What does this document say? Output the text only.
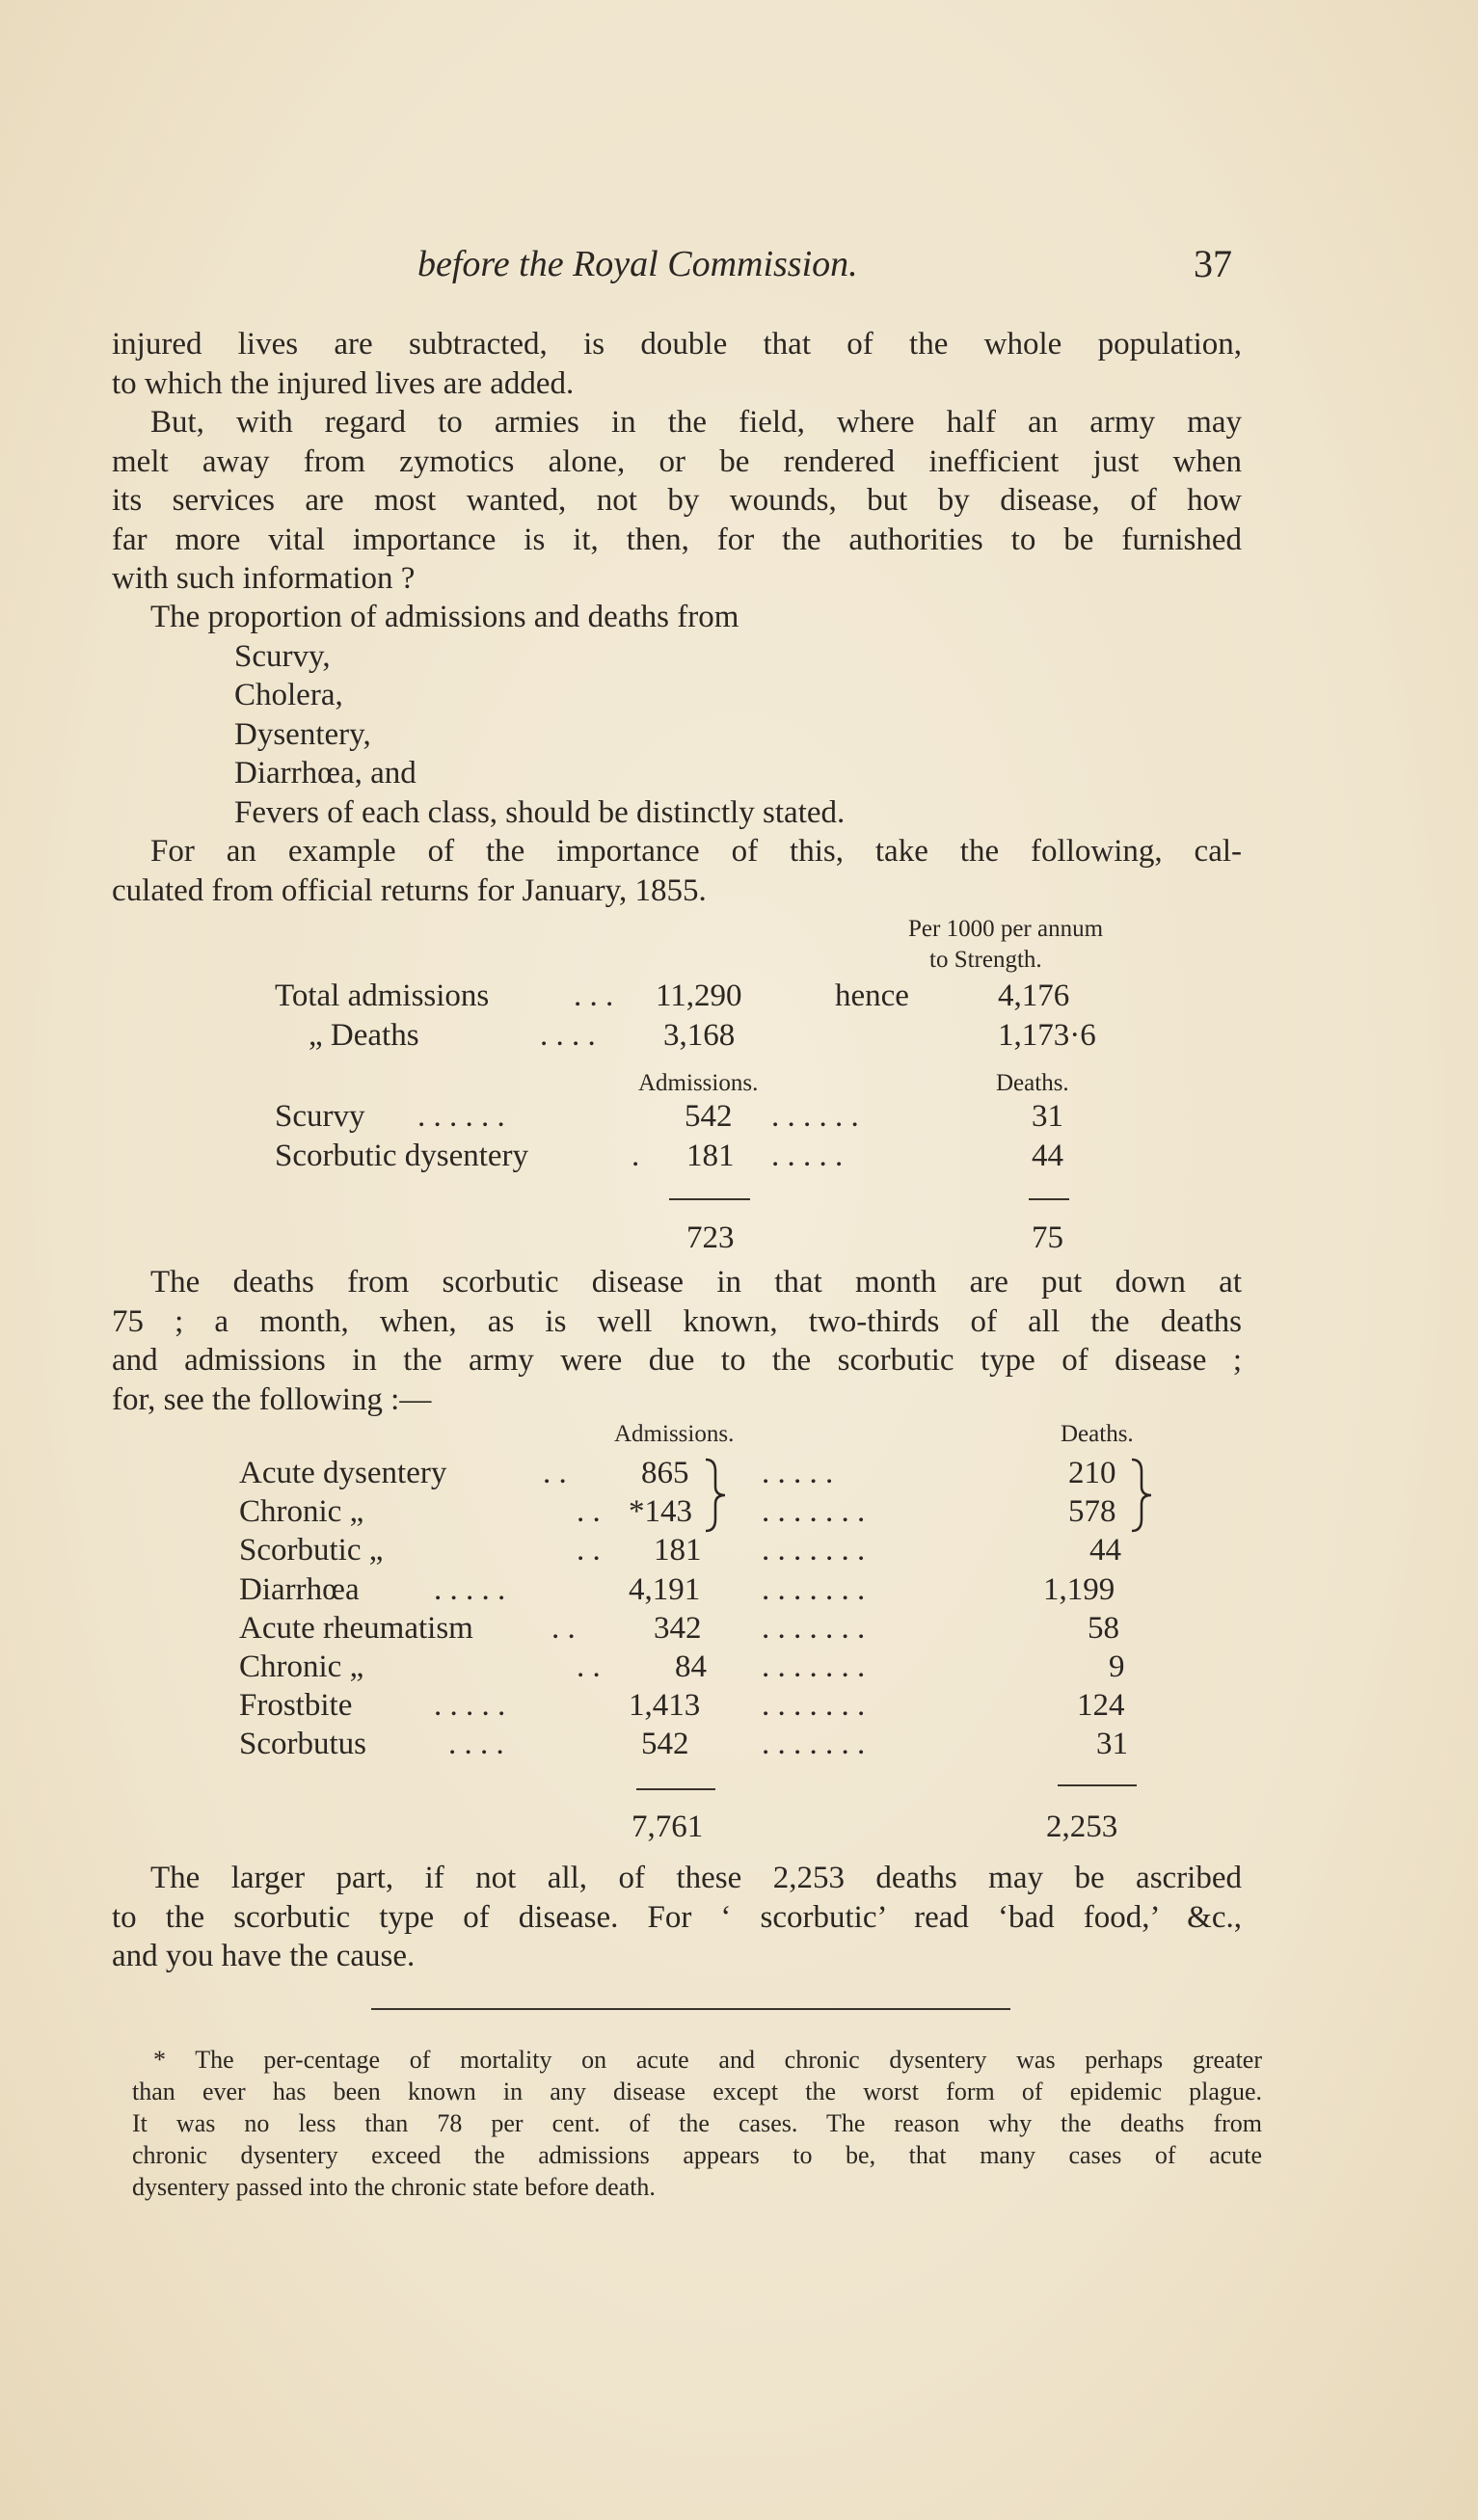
before the Royal Commission.	37

injured lives are subtracted, is double that of the whole population,

to which the injured lives are added.

But, with regard to armies in the field, where half an army may

melt away from zymotics alone, or be rendered inefficient just when

its services are most wanted, not by wounds, but by disease, of how

far more vital importance is it, then, for the authorities to be furnished

with such information ?

The proportion of admissions and deaths from

Scurvy,

Cholera,

Dysentery,

Diarrhœa, and

Fevers of each class, should be distinctly stated.

For an example of the importance of this, take the following, cal-

culated from official returns for January, 1855.

Per 1000 per annum
to Strength.
Total admissions	. . . 11,290	hence	4,176
„ Deaths	. . . . 3,168	1,173·6
Admissions.	Deaths.
Scurvy . . . . . .	542 . . . . . .	31
Scorbutic dysentery	. 181 . . . . .	44
723	75

The deaths from scorbutic disease in that month are put down at

75 ; a month, when, as is well known, two-thirds of all the deaths

and admissions in the army were due to the scorbutic type of disease ;

for, see the following :—

Admissions.	Deaths.
Acute dysentery	. . 865 . . . . .	210
Chronic „	. . *143 . . . . . . .	578
Scorbutic „	. . 181 . . . . . . .	44
Diarrhœa . . . . .	4,191 . . . . . . .	1,199
Acute rheumatism . . 342 . . . . . . .	58
Chronic „	. . 84 . . . . . . .	9
Frostbite	. . . . .	1,413 . . . . . . .	124
Scorbutus	. . . .	542 . . . . . . .	31
7,761	2,253

The larger part, if not all, of these 2,253 deaths may be ascribed

to the scorbutic type of disease. For ‘ scorbutic’ read ‘bad food,’ &c.,

and you have the cause.

* The per-centage of mortality on acute and chronic dysentery was perhaps greater

than ever has been known in any disease except the worst form of epidemic plague.

It was no less than 78 per cent. of the cases. The reason why the deaths from

chronic dysentery exceed the admissions appears to be, that many cases of acute

dysentery passed into the chronic state before death.
